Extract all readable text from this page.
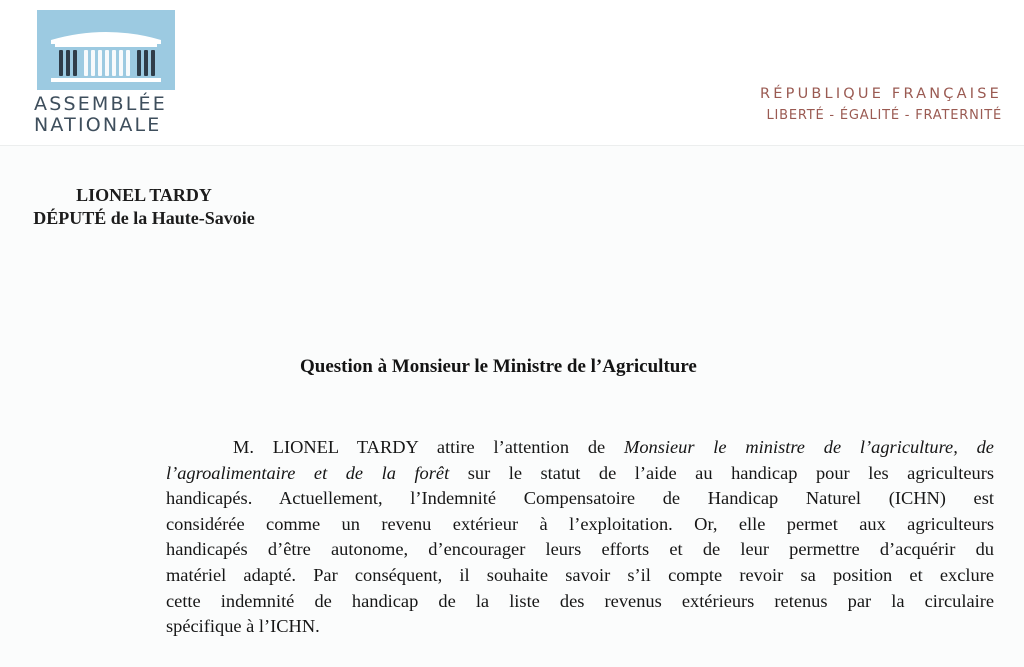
ASSEMBLÉE
NATIONALE
RÉPUBLIQUE FRANÇAISE
LIBERTÉ - ÉGALITÉ - FRATERNITÉ
LIONEL TARDY
DÉPUTÉ de la Haute-Savoie
Question à Monsieur le Ministre de l’Agriculture
M. LIONEL TARDY attire l’attention de Monsieur le ministre de l’agriculture, de
l’agroalimentaire et de la forêt sur le statut de l’aide au handicap pour les agriculteurs
handicapés. Actuellement, l’Indemnité Compensatoire de Handicap Naturel (ICHN) est
considérée comme un revenu extérieur à l’exploitation. Or, elle permet aux agriculteurs
handicapés d’être autonome, d’encourager leurs efforts et de leur permettre d’acquérir du
matériel adapté. Par conséquent, il souhaite savoir s’il compte revoir sa position et exclure
cette indemnité de handicap de la liste des revenus extérieurs retenus par la circulaire
spécifique à l’ICHN.
